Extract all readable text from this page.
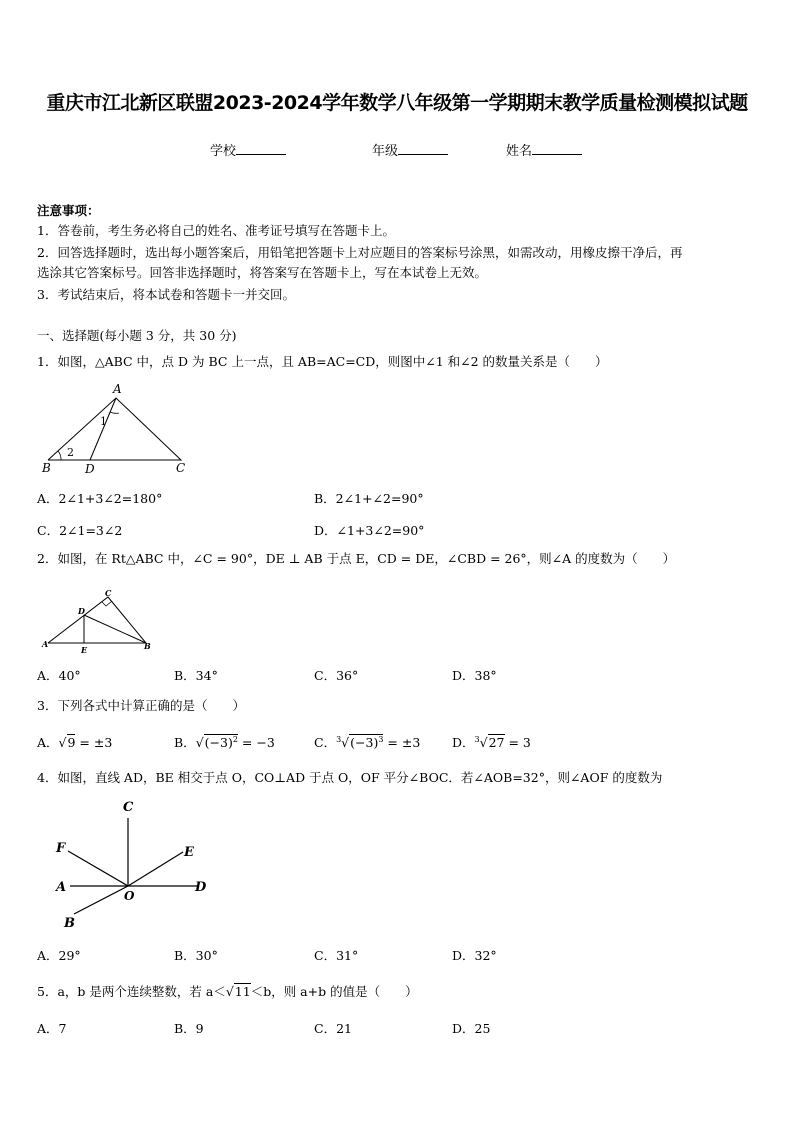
重庆市江北新区联盟2023-2024学年数学八年级第一学期期末教学质量检测模拟试题
学校	年级	姓名
注意事项：
1．答卷前，考生务必将自己的姓名、准考证号填写在答题卡上。
2．回答选择题时，选出每小题答案后，用铅笔把答题卡上对应题目的答案标号涂黑，如需改动，用橡皮擦干净后，再
选涂其它答案标号。回答非选择题时，将答案写在答题卡上，写在本试卷上无效。
3．考试结束后，将本试卷和答题卡一并交回。
一、选择题(每小题 3 分，共 30 分)
1．如图，△ABC 中，点 D 为 BC 上一点，且 AB=AC=CD，则图中∠1 和∠2 的数量关系是（　　）
A
B	D	C
1
2
A．2∠1+3∠2=180°	B．2∠1+∠2=90°
C．2∠1=3∠2	D．∠1+3∠2=90°
2．如图，在 Rt△ABC 中，∠C = 90°，DE ⊥ AB 于点 E，CD = DE，∠CBD = 26°，则∠A 的度数为（　　）
A	B
C
D
E
A．40°	B．34°	C．36°	D．38°
3．下列各式中计算正确的是（　　）
A．√9 = ±3	B．$√(-3)^2 = -3$	C．$^3√(-3)^3 = \pm 3$	D．$^3$√27 = 3
4．如图，直线 AD，BE 相交于点 O，CO⊥AD 于点 O，OF 平分∠BOC．若∠AOB=32°，则∠AOF 的度数为
C
F	E
A	D
O
B
A．29°	B．30°	C．31°	D．32°
5．a，b 是两个连续整数，若 a＜√11＜b，则 a+b 的值是（　　）
A．7	B．9	C．21	D．25
